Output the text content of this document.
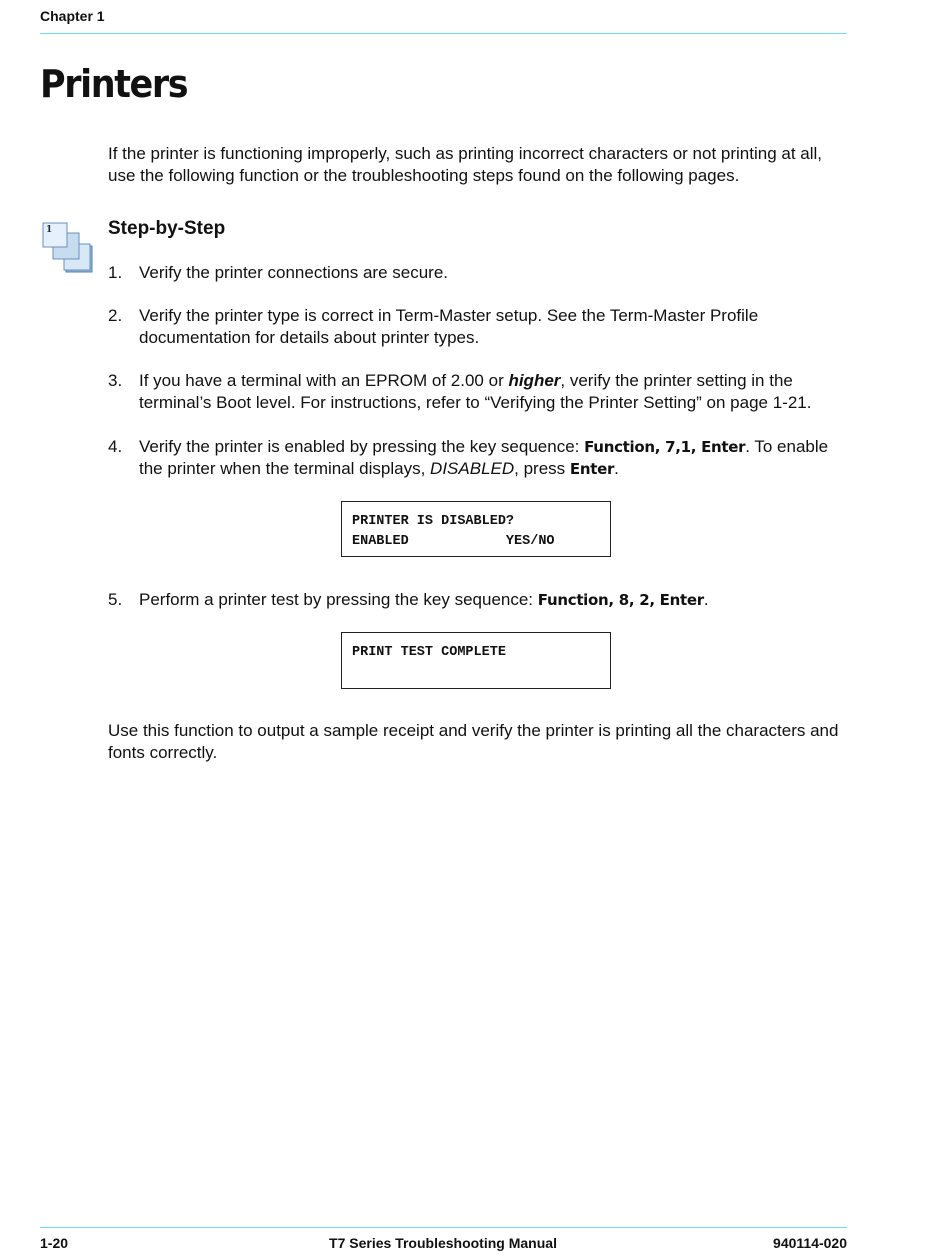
Chapter 1
Printers

If the printer is functioning improperly, such as printing incorrect characters or not printing at all, use the following function or the troubleshooting steps found on the following pages.

1	Step-by-Step
1. Verify the printer connections are secure.
2. Verify the printer type is correct in Term-Master setup. See the Term-Master Profile documentation for details about printer types.
3. If you have a terminal with an EPROM of 2.00 or higher, verify the printer setting in the terminal’s Boot level. For instructions, refer to “Verifying the Printer Setting” on page 1-21.
4. Verify the printer is enabled by pressing the key sequence: Function, 7,1, Enter. To enable the printer when the terminal displays, DISABLED, press Enter.
PRINTER IS DISABLED?
ENABLED            YES/NO
5. Perform a printer test by pressing the key sequence: Function, 8, 2, Enter.
PRINT TEST COMPLETE

Use this function to output a sample receipt and verify the printer is printing all the characters and fonts correctly.

1-20	T7 Series Troubleshooting Manual	940114-020
